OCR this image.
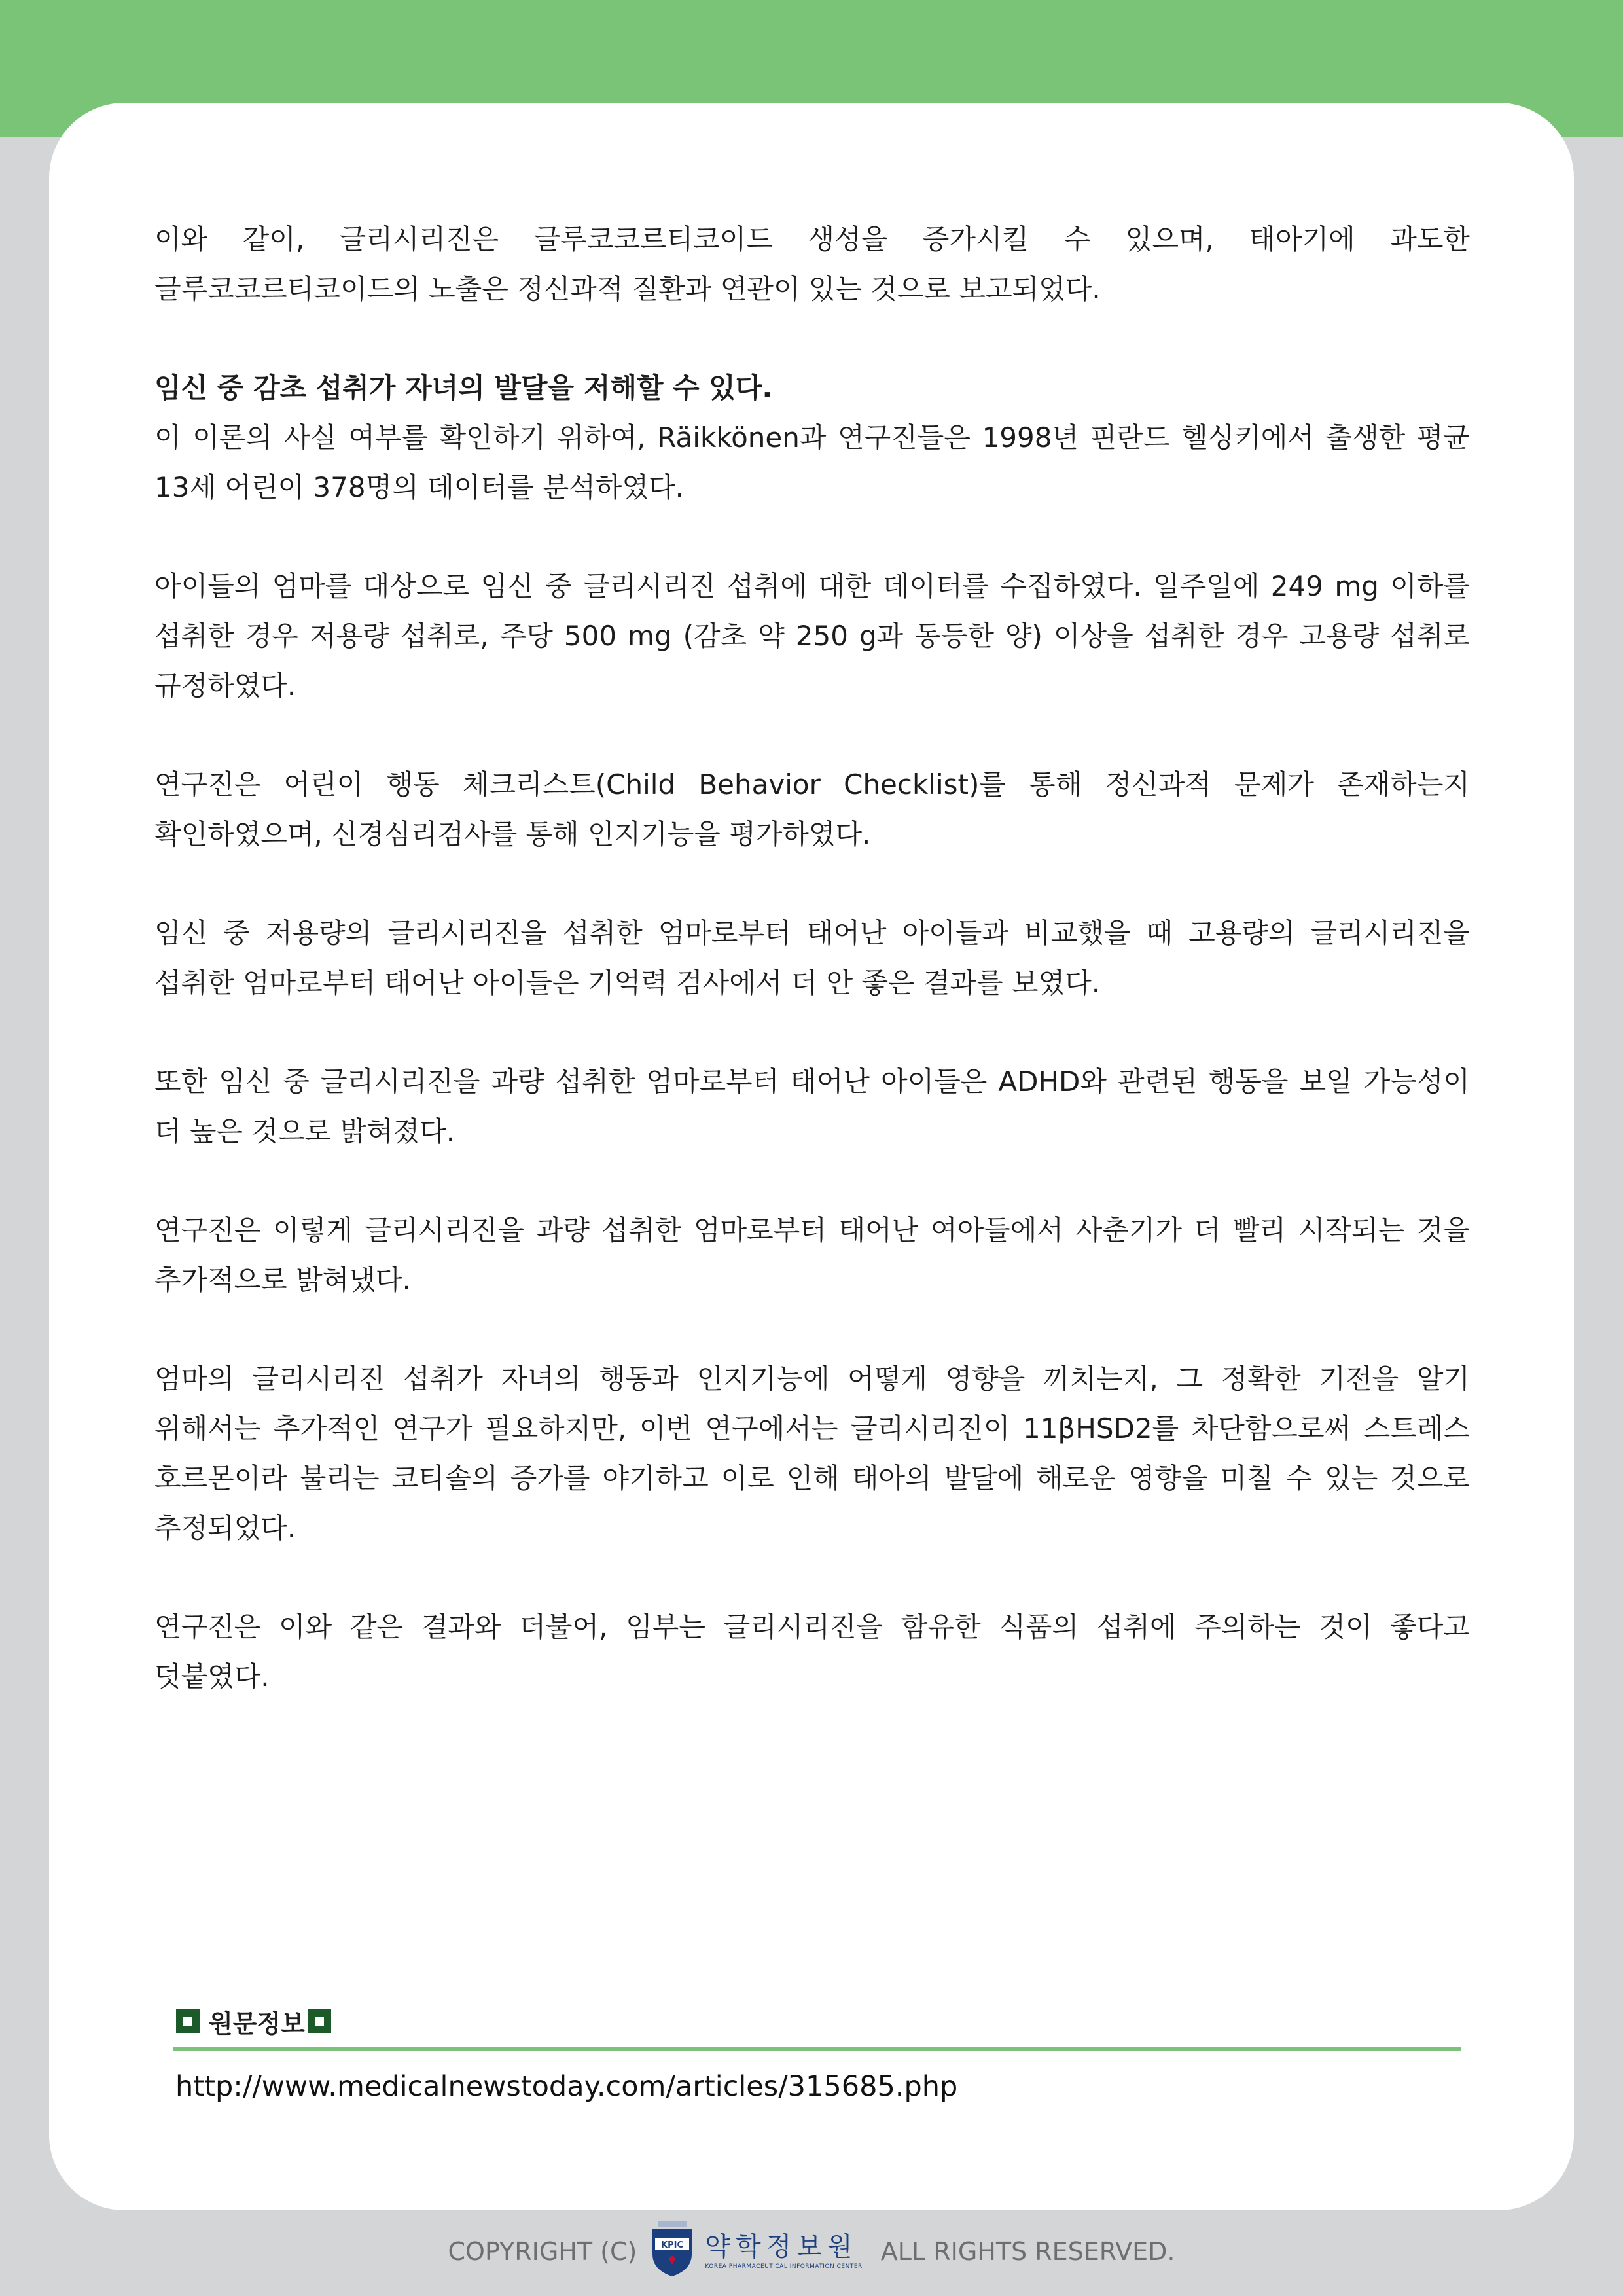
이와 같이, 글리시리진은 글루코코르티코이드 생성을 증가시킬 수 있으며, 태아기에 과도한 글루코코르티코이드의 노출은 정신과적 질환과 연관이 있는 것으로 보고되었다.

임신 중 감초 섭취가 자녀의 발달을 저해할 수 있다.

이 이론의 사실 여부를 확인하기 위하여, Räikkönen과 연구진들은 1998년 핀란드 헬싱키에서 출생한 평균 13세 어린이 378명의 데이터를 분석하였다.

아이들의 엄마를 대상으로 임신 중 글리시리진 섭취에 대한 데이터를 수집하였다. 일주일에 249 mg 이하를 섭취한 경우 저용량 섭취로, 주당 500 mg (감초 약 250 g과 동등한 양) 이상을 섭취한 경우 고용량 섭취로 규정하였다.

연구진은 어린이 행동 체크리스트(Child Behavior Checklist)를 통해 정신과적 문제가 존재하는지 확인하였으며, 신경심리검사를 통해 인지기능을 평가하였다.

임신 중 저용량의 글리시리진을 섭취한 엄마로부터 태어난 아이들과 비교했을 때 고용량의 글리시리진을 섭취한 엄마로부터 태어난 아이들은 기억력 검사에서 더 안 좋은 결과를 보였다.

또한 임신 중 글리시리진을 과량 섭취한 엄마로부터 태어난 아이들은 ADHD와 관련된 행동을 보일 가능성이 더 높은 것으로 밝혀졌다.

연구진은 이렇게 글리시리진을 과량 섭취한 엄마로부터 태어난 여아들에서 사춘기가 더 빨리 시작되는 것을 추가적으로 밝혀냈다.

엄마의 글리시리진 섭취가 자녀의 행동과 인지기능에 어떻게 영향을 끼치는지, 그 정확한 기전을 알기 위해서는 추가적인 연구가 필요하지만, 이번 연구에서는 글리시리진이 11βHSD2를 차단함으로써 스트레스 호르몬이라 불리는 코티솔의 증가를 야기하고 이로 인해 태아의 발달에 해로운 영향을 미칠 수 있는 것으로 추정되었다.

연구진은 이와 같은 결과와 더불어, 임부는 글리시리진을 함유한 식품의 섭취에 주의하는 것이 좋다고 덧붙였다.

원문정보
http://www.medicalnewstoday.com/articles/315685.php
COPYRIGHT (C)	KPIC 약학정보원
KOREA PHARMACEUTICAL INFORMATION CENTER
ALL RIGHTS RESERVED.
